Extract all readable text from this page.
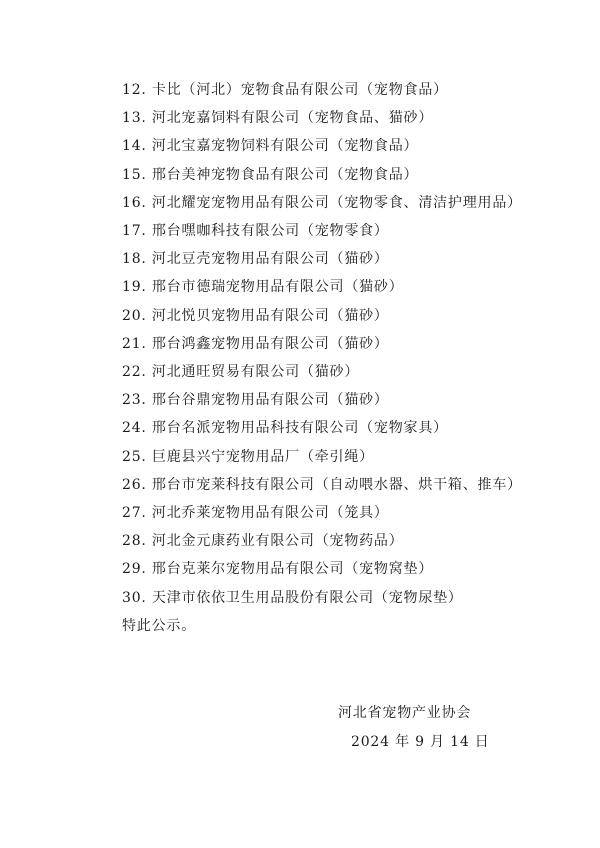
12. 卡比（河北）宠物食品有限公司（宠物食品）
13. 河北宠嘉饲料有限公司（宠物食品、猫砂）
14. 河北宝嘉宠物饲料有限公司（宠物食品）
15. 邢台美神宠物食品有限公司（宠物食品）
16. 河北耀宠宠物用品有限公司（宠物零食、清洁护理用品）
17. 邢台嘿咖科技有限公司（宠物零食）
18. 河北豆壳宠物用品有限公司（猫砂）
19. 邢台市德瑞宠物用品有限公司（猫砂）
20. 河北悦贝宠物用品有限公司（猫砂）
21. 邢台鸿鑫宠物用品有限公司（猫砂）
22. 河北通旺贸易有限公司（猫砂）
23. 邢台谷鼎宠物用品有限公司（猫砂）
24. 邢台名派宠物用品科技有限公司（宠物家具）
25. 巨鹿县兴宁宠物用品厂（牵引绳）
26. 邢台市宠莱科技有限公司（自动喂水器、烘干箱、推车）
27. 河北乔莱宠物用品有限公司（笼具）
28. 河北金元康药业有限公司（宠物药品）
29. 邢台克莱尔宠物用品有限公司（宠物窝垫）
30. 天津市依依卫生用品股份有限公司（宠物尿垫）
特此公示。
河北省宠物产业协会
2024 年 9 月 14 日
